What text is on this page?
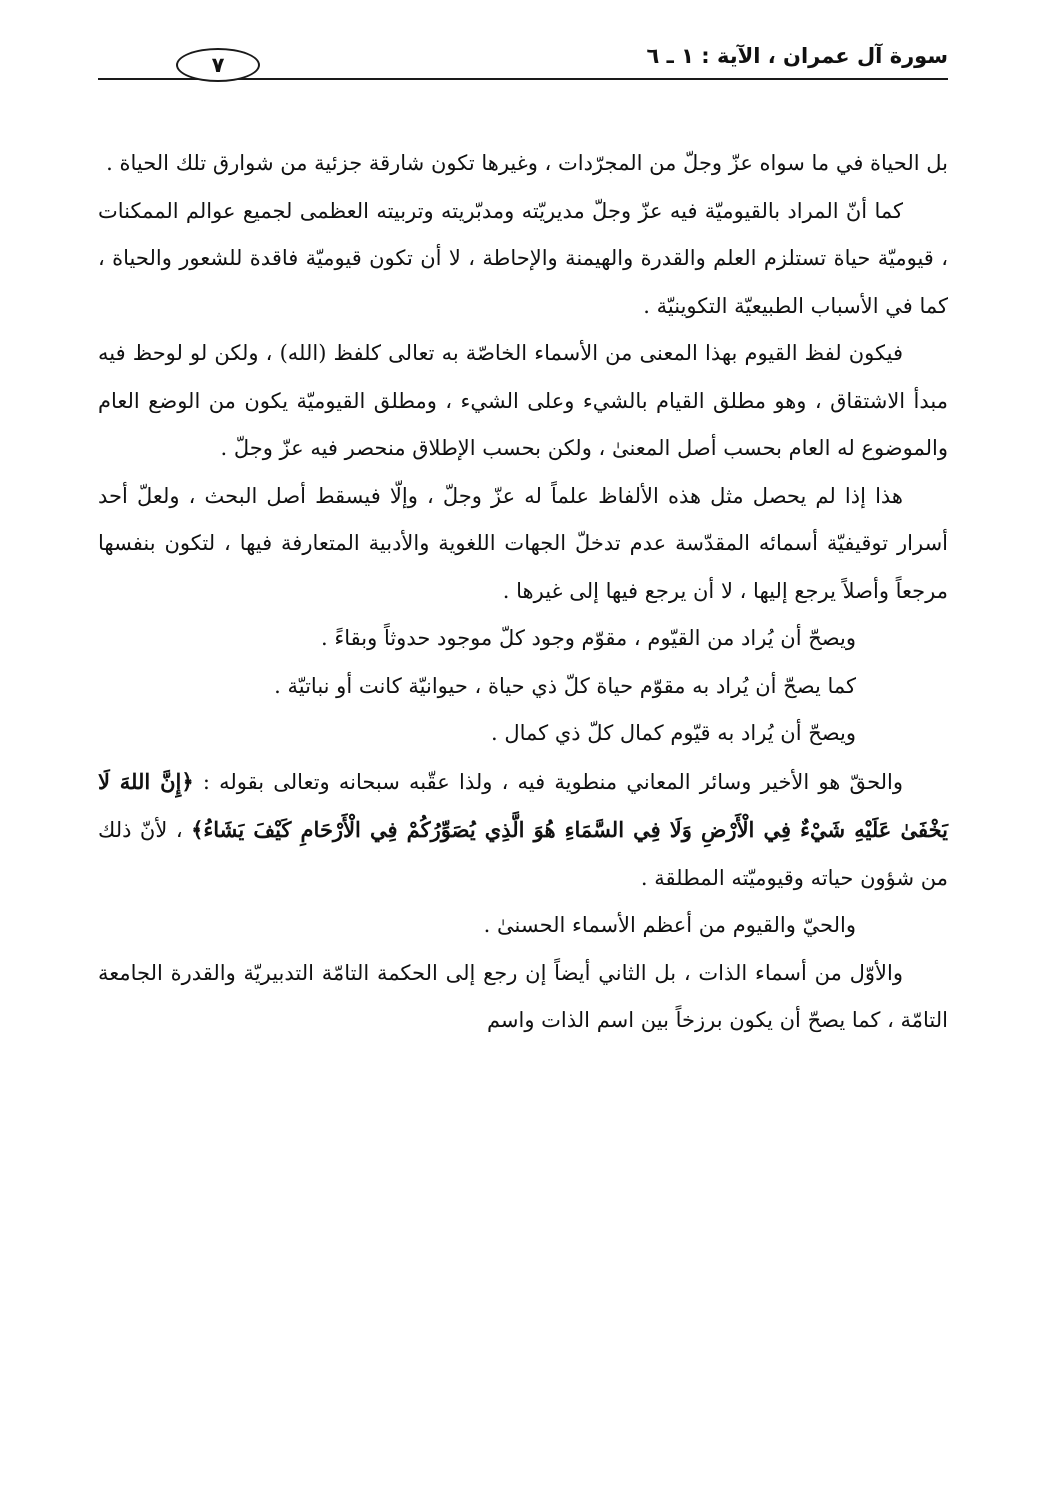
سورة آل عمران ، الآية : ١ ـ ٦
٧

بل الحياة في ما سواه عزّ وجلّ من المجرّدات ، وغيرها تكون شارقة جزئية من شوارق تلك الحياة .

كما أنّ المراد بالقيوميّة فيه عزّ وجلّ مديريّته ومدبّريته وتربيته العظمى لجميع عوالم الممكنات ، قيوميّة حياة تستلزم العلم والقدرة والهيمنة والإحاطة ، لا أن تكون قيوميّة فاقدة للشعور والحياة ، كما في الأسباب الطبيعيّة التكوينيّة .

فيكون لفظ القيوم بهذا المعنى من الأسماء الخاصّة به تعالى كلفظ (الله) ، ولكن لو لوحظ فيه مبدأ الاشتقاق ، وهو مطلق القيام بالشيء وعلى الشيء ، ومطلق القيوميّة يكون من الوضع العام والموضوع له العام بحسب أصل المعنىٰ ، ولكن بحسب الإطلاق منحصر فيه عزّ وجلّ .

هذا إذا لم يحصل مثل هذه الألفاظ علماً له عزّ وجلّ ، وإلّا فيسقط أصل البحث ، ولعلّ أحد أسرار توقيفيّة أسمائه المقدّسة عدم تدخلّ الجهات اللغوية والأدبية المتعارفة فيها ، لتكون بنفسها مرجعاً وأصلاً يرجع إليها ، لا أن يرجع فيها إلى غيرها .

ويصحّ أن يُراد من القيّوم ، مقوّم وجود كلّ موجود حدوثاً وبقاءً .

كما يصحّ أن يُراد به مقوّم حياة كلّ ذي حياة ، حيوانيّة كانت أو نباتيّة .

ويصحّ أن يُراد به قيّوم كمال كلّ ذي كمال .

والحقّ هو الأخير وسائر المعاني منطوية فيه ، ولذا عقّبه سبحانه وتعالى بقوله : ﴿إِنَّ اللهَ لَا يَخْفَىٰ عَلَيْهِ شَيْءٌ فِي الْأَرْضِ وَلَا فِي السَّمَاءِ هُوَ الَّذِي يُصَوِّرُكُمْ فِي الْأَرْحَامِ كَيْفَ يَشَاءُ﴾ ، لأنّ ذلك من شؤون حياته وقيوميّته المطلقة .

والحيّ والقيوم من أعظم الأسماء الحسنىٰ .

والأوّل من أسماء الذات ، بل الثاني أيضاً إن رجع إلى الحكمة التامّة التدبيريّة والقدرة الجامعة التامّة ، كما يصحّ أن يكون برزخاً بين اسم الذات واسم
